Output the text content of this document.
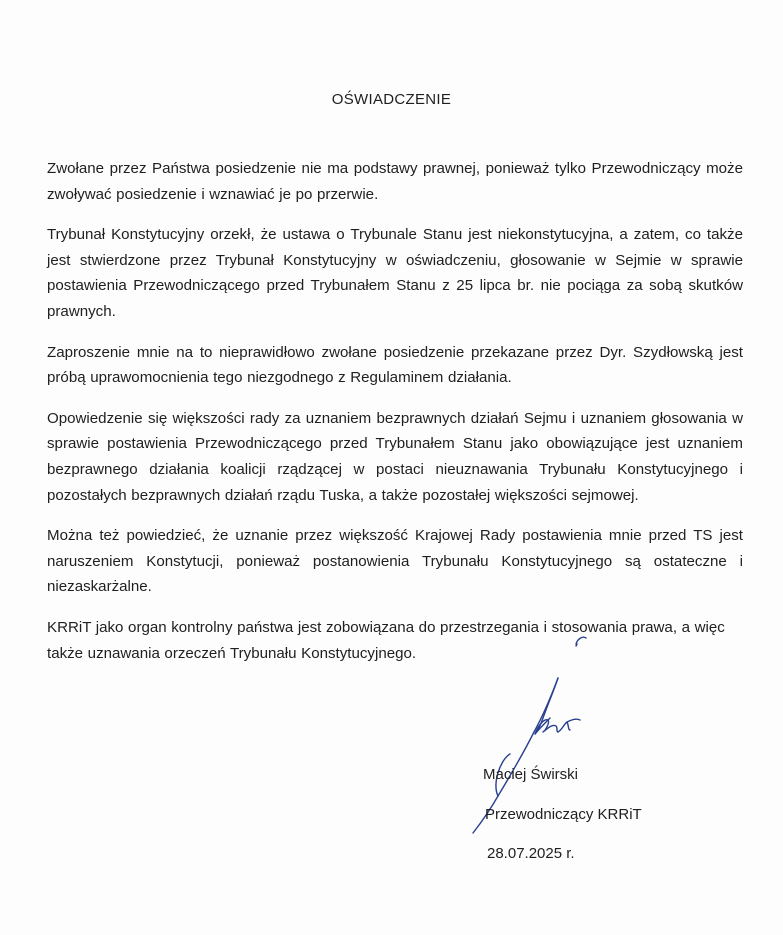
OŚWIADCZENIE

Zwołane przez Państwa posiedzenie nie ma podstawy prawnej, ponieważ tylko Przewodniczący może zwoływać posiedzenie i wznawiać je po przerwie.

Trybunał Konstytucyjny orzekł, że ustawa o Trybunale Stanu jest niekonstytucyjna, a zatem, co także jest stwierdzone przez Trybunał Konstytucyjny w oświadczeniu, głosowanie w Sejmie w sprawie postawienia Przewodniczącego przed Trybunałem Stanu z 25 lipca br. nie pociąga za sobą skutków prawnych.

Zaproszenie mnie na to nieprawidłowo zwołane posiedzenie przekazane przez Dyr. Szydłowską jest próbą uprawomocnienia tego niezgodnego z Regulaminem działania.

Opowiedzenie się większości rady za uznaniem bezprawnych działań Sejmu i uznaniem głosowania w sprawie postawienia Przewodniczącego przed Trybunałem Stanu jako obowiązujące jest uznaniem bezprawnego działania koalicji rządzącej w postaci nieuznawania Trybunału Konstytucyjnego i pozostałych bezprawnych działań rządu Tuska, a także pozostałej większości sejmowej.

Można też powiedzieć, że uznanie przez większość Krajowej Rady postawienia mnie przed TS jest naruszeniem Konstytucji, ponieważ postanowienia Trybunału Konstytucyjnego są ostateczne i niezaskarżalne.

KRRiT jako organ kontrolny państwa jest zobowiązana do przestrzegania i stosowania prawa, a więc także uznawania orzeczeń Trybunału Konstytucyjnego.

Maciej Świrski
Przewodniczący KRRiT
28.07.2025 r.
